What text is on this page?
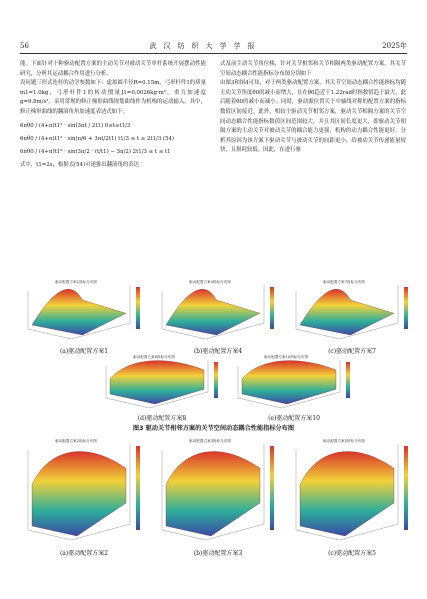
56	武汉纺织大学学报	2025年

能。下面针对十种驱动配置方案的主动关节对被动关节单杆系统开展摆动性能研究，分析其运动耦合作用进行分析。

设问题三形式连杆的动学参数如下：虚拟圆半径R=0.15m，弓形杆件1的质量m1=1.0kg，弓形杆件1的转动惯量J1=0.0026kg·m²，重力加速度g=9.8m/s²。采用常规的修正梯形曲线规划曲线作为机构的运动输入。其中，修正梯形曲线的翻滚角角加速度表达式如下：

6πθ0 / (4+π)t1² · sin(3πt / 2t1) 0≤t≤t1/3
6πθ0 / (4+π)t1² · sin(π/6 + 3πt/2t1) t1/3 ≤ t ≤ 2t1/3 (54)
6πθ0 / (4+π)t1² · sin(3π/2 · (t/t1) − 3π/2) 2t1/3 ≤ t ≤ t1

式中，t1=2s，根据式(54)可递推出翻滚角的表达

式及前主动关节角位移，针对关节相邻和关节相隔两类驱动配置方案，其关节空间动态耦合性能指标分布图分别如下

由图3和图4可知，对于两类驱动配置方案，其关节空间动态耦合性能指标均随主动关节角度θ0的减小而增大，且在θ0趋近于1.22rad时指数值趋于最大，此后随着θ0的减小而减小。同时，驱动源位置关于中轴线对称的配置方案的指标数值区间接近。此外，相较于驱动关节相邻方案，驱动关节相隔方案的关节空间动态耦合性能指标数值区间范围较大，并且其区间长度更大，即驱动关节相隔方案的主动关节对被动关节的耦合能力更强，机构的动力耦合性能更好。分析其原因为该方案下驱动关节与被动关节的间距更小，给被动关节传递能量较快，且损耗较低。因此，在进行驱

驱动配置方案1指标分布图
(a)驱动配置方案1
驱动配置方案4指标分布图
(b)驱动配置方案4
驱动配置方案7指标分布图
(c)驱动配置方案7
驱动配置方案8指标分布图
(d)驱动配置方案8
驱动配置方案10指标分布图
(e)驱动配置方案10
驱动配置方案2指标分布图
(a)驱动配置方案2
驱动配置方案3指标分布图
(b)驱动配置方案3
驱动配置方案5指标分布图
(c)驱动配置方案5
图3 驱动关节相邻方案的关节空间动态耦合性能指标分布图
